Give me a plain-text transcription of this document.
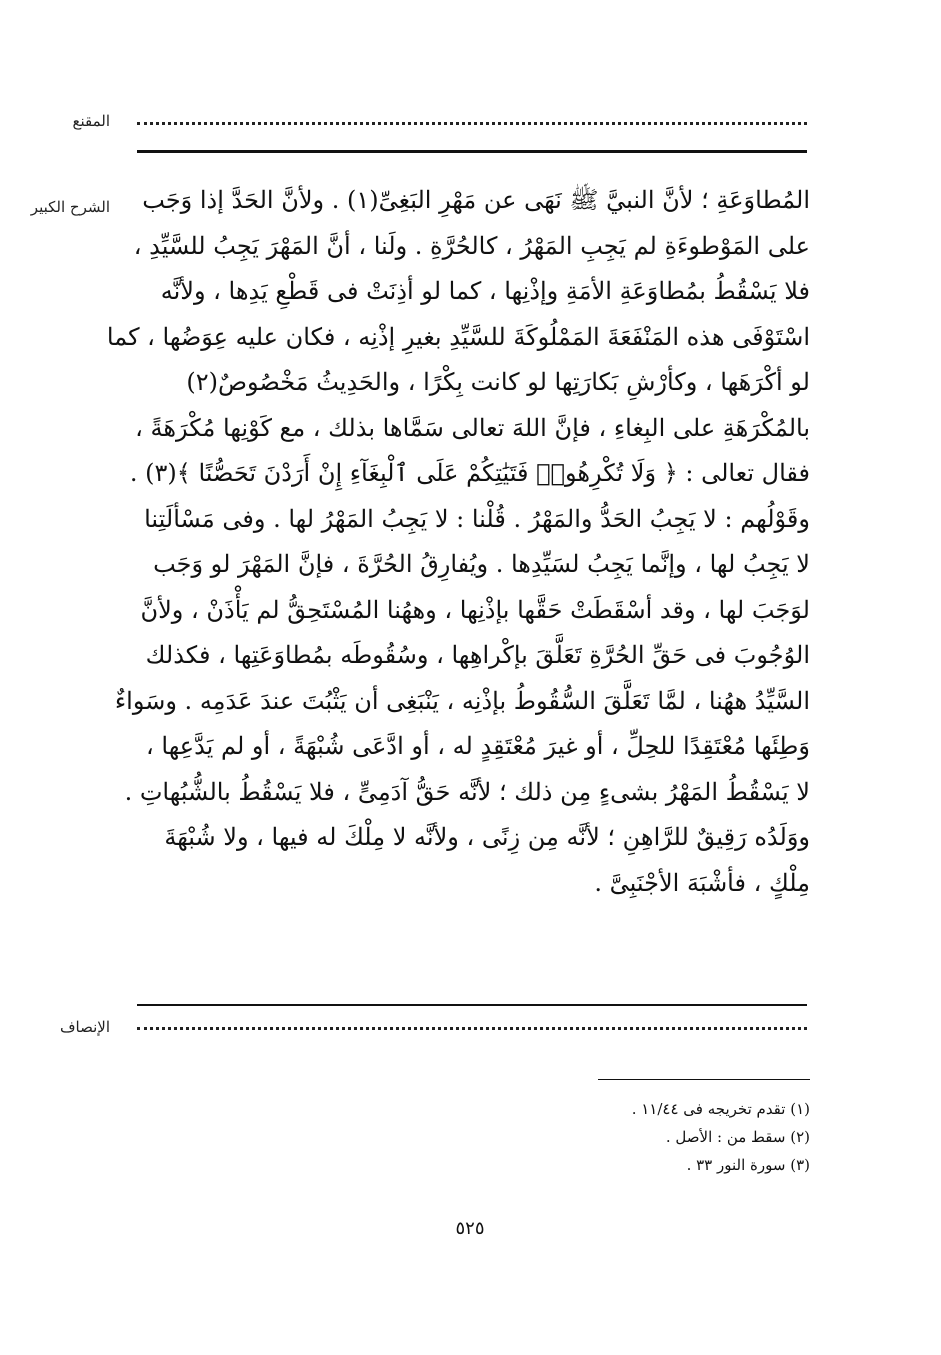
المقنع
الشرح الكبير	المُطاوَعَةِ ؛ لأنَّ النبيَّ ﷺ نَهَى عن مَهْرِ البَغِىِّ(١) . ولأنَّ الحَدَّ إذا وَجَب
على المَوْطوءَةِ لم يَجِبِ المَهْرُ ، كالحُرَّةِ . ولَنا ، أنَّ المَهْرَ يَجِبُ للسَّيِّدِ ،
فلا يَسْقُطُ بمُطاوَعَةِ الأمَةِ وإذْنِها ، كما لو أذِنَتْ فى قَطْعِ يَدِها ، ولأنَّه
اسْتَوْفَى هذه المَنْفَعَةَ المَمْلُوكَةَ للسَّيِّدِ بغيرِ إذْنِه ، فكان عليه عِوَضُها ، كما
لو أكْرَهَها ، وكأرْشِ بَكارَتِها لو كانت بِكْرًا ، والحَدِيثُ مَخْصُوصٌ(٢)
بالمُكْرَهَةِ على البِغاءِ ، فإنَّ اللهَ تعالى سَمَّاها بذلك ، مع كَوْنِها مُكْرَهَةً ،
فقال تعالى : ﴿ وَلَا تُكْرِهُوا۟ فَتَيَٰتِكُمْ عَلَى ٱلْبِغَآءِ إِنْ أَرَدْنَ تَحَصُّنًا ﴾(٣) .
وقَوْلُهم : لا يَجِبُ الحَدُّ والمَهْرُ . قُلْنا : لا يَجِبُ المَهْرُ لها . وفى مَسْألَتِنا
لا يَجِبُ لها ، وإنَّما يَجِبُ لسَيِّدِها . ويُفارِقُ الحُرَّةَ ، فإنَّ المَهْرَ لو وَجَب
لوَجَبَ لها ، وقد أسْقَطَتْ حَقَّها بإذْنِها ، وههُنا المُسْتَحِقُّ لم يَأْذَنْ ، ولأنَّ
الوُجُوبَ فى حَقِّ الحُرَّةِ تَعَلَّقَ بإكْراهِها ، وسُقُوطَه بمُطاوَعَتِها ، فكذلك
السَّيِّدُ ههُنا ، لمَّا تَعَلَّقَ السُّقُوطُ بإذْنِه ، يَنْبَغِى أن يَثْبُتَ عندَ عَدَمِه . وسَواءٌ
وَطِئَها مُعْتَقِدًا للحِلِّ ، أو غيرَ مُعْتَقِدٍ له ، أو ادَّعَى شُبْهَةً ، أو لم يَدَّعِها ،
لا يَسْقُطُ المَهْرُ بشىءٍ مِن ذلك ؛ لأنَّه حَقُّ آدَمِىٍّ ، فلا يَسْقُطُ بالشُّبُهاتِ .
ووَلَدُه رَقِيقٌ للرَّاهِنِ ؛ لأنَّه مِن زِنًى ، ولأنَّه لا مِلْكَ له فيها ، ولا شُبْهَةَ
مِلْكٍ ، فأشْبَهَ الأجْنَبِىَّ .
الإنصاف
(١) تقدم تخريجه فى ١١/٤٤ .
(٢) سقط من : الأصل .
(٣) سورة النور ٣٣ .
٥٢٥
